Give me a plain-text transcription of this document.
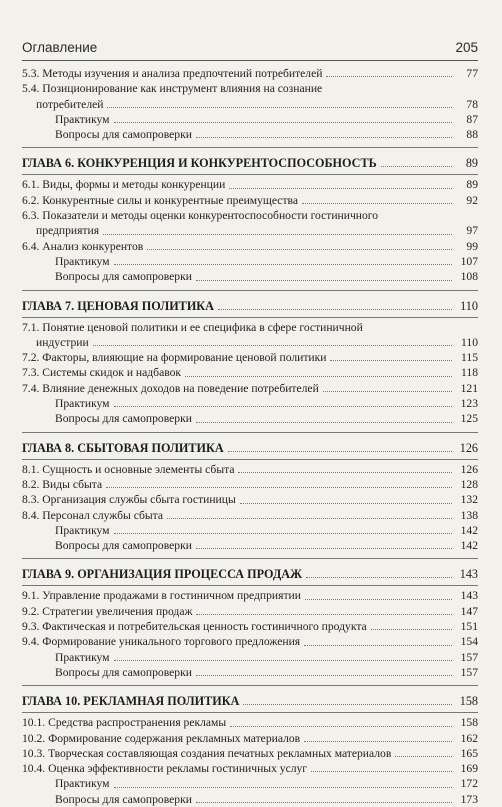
Оглавление	205
5.3. Методы изучения и анализа предпочтений потребителей	77
5.4. Позиционирование как инструмент влияния на сознание
потребителей	78
Практикум	87
Вопросы для самопроверки	88
ГЛАВА 6. КОНКУРЕНЦИЯ И КОНКУРЕНТОСПОСОБНОСТЬ	89
6.1. Виды, формы и методы конкуренции	89
6.2. Конкурентные силы и конкурентные преимущества	92
6.3. Показатели и методы оценки конкурентоспособности гостиничного
предприятия	97
6.4. Анализ конкурентов	99
Практикум	107
Вопросы для самопроверки	108
ГЛАВА 7. ЦЕНОВАЯ ПОЛИТИКА	110
7.1. Понятие ценовой политики и ее специфика в сфере гостиничной
индустрии	110
7.2. Факторы, влияющие на формирование ценовой политики	115
7.3. Системы скидок и надбавок	118
7.4. Влияние денежных доходов на поведение потребителей	121
Практикум	123
Вопросы для самопроверки	125
ГЛАВА 8. СБЫТОВАЯ ПОЛИТИКА	126
8.1. Сущность и основные элементы сбыта	126
8.2. Виды сбыта	128
8.3. Организация службы сбыта гостиницы	132
8.4. Персонал службы сбыта	138
Практикум	142
Вопросы для самопроверки	142
ГЛАВА 9. ОРГАНИЗАЦИЯ ПРОЦЕССА ПРОДАЖ	143
9.1. Управление продажами в гостиничном предприятии	143
9.2. Стратегии увеличения продаж	147
9.3. Фактическая и потребительская ценность гостиничного продукта	151
9.4. Формирование уникального торгового предложения	154
Практикум	157
Вопросы для самопроверки	157
ГЛАВА 10. РЕКЛАМНАЯ ПОЛИТИКА	158
10.1. Средства распространения рекламы	158
10.2. Формирование содержания рекламных материалов	162
10.3. Творческая составляющая создания печатных рекламных материалов	165
10.4. Оценка эффективности рекламы гостиничных услуг	169
Практикум	172
Вопросы для самопроверки	173
